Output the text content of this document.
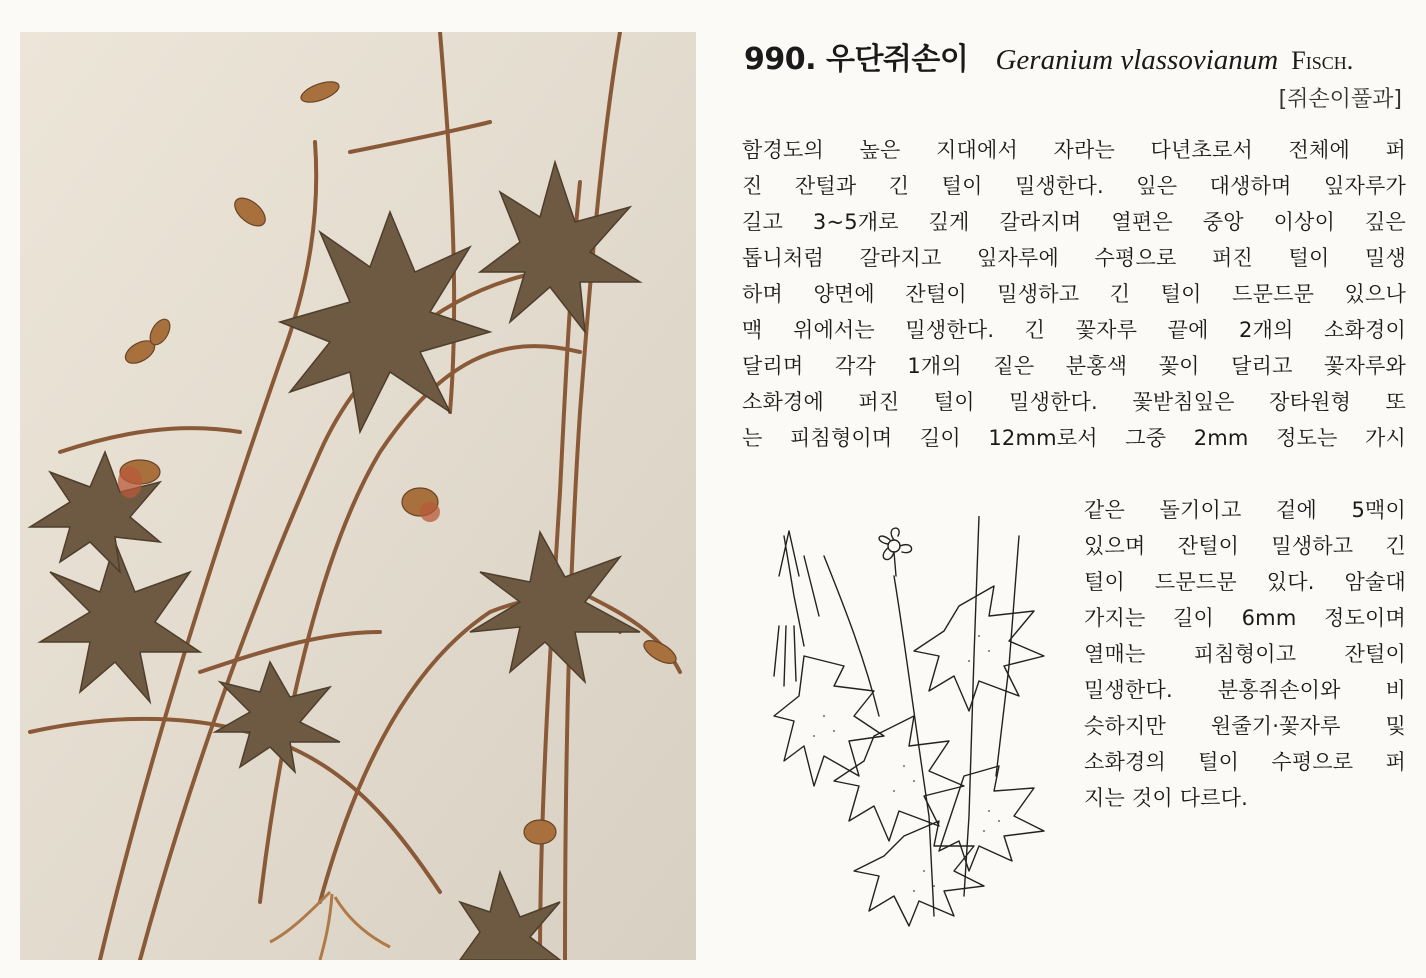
990. 우단쥐손이 Geranium vlassovianum Fisch.
[쥐손이풀과]
함경도의 높은 지대에서 자라는 다년초로서 전체에 퍼
진 잔털과 긴 털이 밀생한다. 잎은 대생하며 잎자루가
길고 3~5개로 깊게 갈라지며 열편은 중앙 이상이 깊은
톱니처럼 갈라지고 잎자루에 수평으로 퍼진 털이 밀생
하며 양면에 잔털이 밀생하고 긴 털이 드문드문 있으나
맥 위에서는 밀생한다. 긴 꽃자루 끝에 2개의 소화경이
달리며 각각 1개의 짙은 분홍색 꽃이 달리고 꽃자루와
소화경에 퍼진 털이 밀생한다. 꽃받침잎은 장타원형 또
는 피침형이며 길이 12mm로서 그중 2mm 정도는 가시
같은 돌기이고 겉에 5맥이
있으며 잔털이 밀생하고 긴
털이 드문드문 있다. 암술대
가지는 길이 6mm 정도이며
열매는 피침형이고 잔털이
밀생한다. 분홍쥐손이와 비
슷하지만 원줄기·꽃자루 및
소화경의 털이 수평으로 퍼
지는 것이 다르다.
